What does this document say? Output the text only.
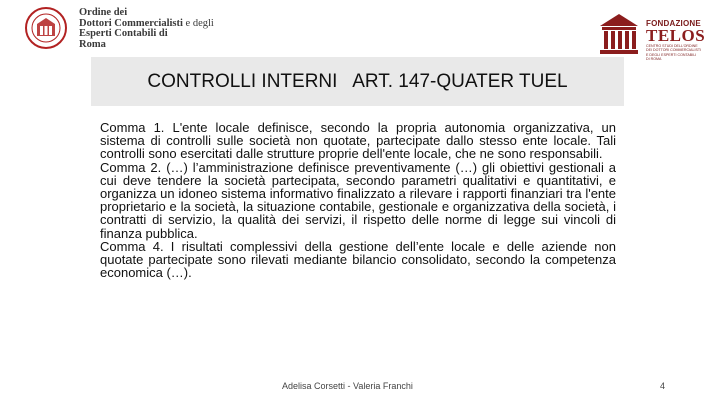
Ordine dei
Dottori Commercialisti e degli
Esperti Contabili di
Roma
FONDAZIONE
TELOS
CENTRO STUDI DELL'ORDINE
DEI DOTTORI COMMERCIALISTI
E DEGLI ESPERTI CONTABILI
DI ROMA
CONTROLLI INTERNI   ART. 147-QUATER TUEL

Comma 1. L'ente locale definisce, secondo la propria autonomia organizzativa, un sistema di controlli sulle società non quotate, partecipate dallo stesso ente locale. Tali controlli sono esercitati dalle strutture proprie dell'ente locale, che ne sono responsabili.

Comma 2. (…) l’amministrazione definisce preventivamente (…) gli obiettivi gestionali a cui deve tendere la società partecipata, secondo parametri qualitativi e quantitativi, e organizza un idoneo sistema informativo finalizzato a rilevare i rapporti finanziari tra l'ente proprietario e la società, la situazione contabile, gestionale e organizzativa della società, i contratti di servizio, la qualità dei servizi, il rispetto delle norme di legge sui vincoli di finanza pubblica.

Comma 4. I risultati complessivi della gestione dell’ente locale e delle aziende non quotate partecipate sono rilevati mediante bilancio consolidato, secondo la competenza economica (…).

Adelisa Corsetti - Valeria Franchi	4
